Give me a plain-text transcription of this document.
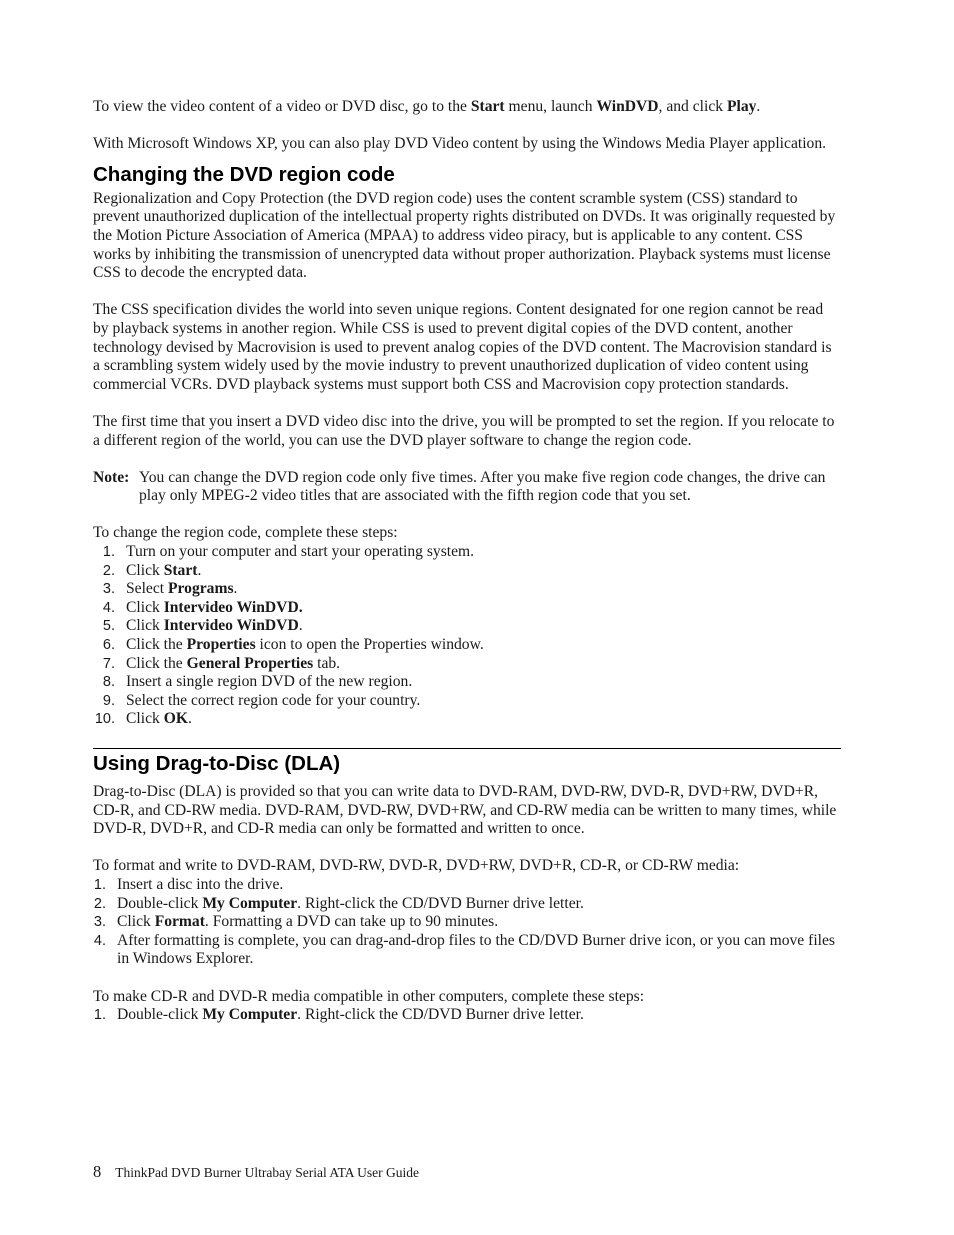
To view the video content of a video or DVD disc, go to the Start menu, launch WinDVD, and click Play.

With Microsoft Windows XP, you can also play DVD Video content by using the Windows Media Player application.

Changing the DVD region code

Regionalization and Copy Protection (the DVD region code) uses the content scramble system (CSS) standard to prevent unauthorized duplication of the intellectual property rights distributed on DVDs. It was originally requested by the Motion Picture Association of America (MPAA) to address video piracy, but is applicable to any content. CSS works by inhibiting the transmission of unencrypted data without proper authorization. Playback systems must license CSS to decode the encrypted data.

The CSS specification divides the world into seven unique regions. Content designated for one region cannot be read by playback systems in another region. While CSS is used to prevent digital copies of the DVD content, another technology devised by Macrovision is used to prevent analog copies of the DVD content. The Macrovision standard is a scrambling system widely used by the movie industry to prevent unauthorized duplication of video content using commercial VCRs. DVD playback systems must support both CSS and Macrovision copy protection standards.

The first time that you insert a DVD video disc into the drive, you will be prompted to set the region. If you relocate to a different region of the world, you can use the DVD player software to change the region code.

Note: You can change the DVD region code only five times. After you make five region code changes, the drive can play only MPEG-2 video titles that are associated with the fifth region code that you set.

To change the region code, complete these steps:

1. Turn on your computer and start your operating system.
2. Click Start.
3. Select Programs.
4. Click Intervideo WinDVD.
5. Click Intervideo WinDVD.
6. Click the Properties icon to open the Properties window.
7. Click the General Properties tab.
8. Insert a single region DVD of the new region.
9. Select the correct region code for your country.
10. Click OK.
Using Drag-to-Disc (DLA)

Drag-to-Disc (DLA) is provided so that you can write data to DVD-RAM, DVD-RW, DVD-R, DVD+RW, DVD+R, CD-R, and CD-RW media. DVD-RAM, DVD-RW, DVD+RW, and CD-RW media can be written to many times, while DVD-R, DVD+R, and CD-R media can only be formatted and written to once.

To format and write to DVD-RAM, DVD-RW, DVD-R, DVD+RW, DVD+R, CD-R, or CD-RW media:

1. Insert a disc into the drive.
2. Double-click My Computer. Right-click the CD/DVD Burner drive letter.
3. Click Format. Formatting a DVD can take up to 90 minutes.
4. After formatting is complete, you can drag-and-drop files to the CD/DVD Burner drive icon, or you can move files in Windows Explorer.

To make CD-R and DVD-R media compatible in other computers, complete these steps:

1. Double-click My Computer. Right-click the CD/DVD Burner drive letter.
8 ThinkPad DVD Burner Ultrabay Serial ATA User Guide
